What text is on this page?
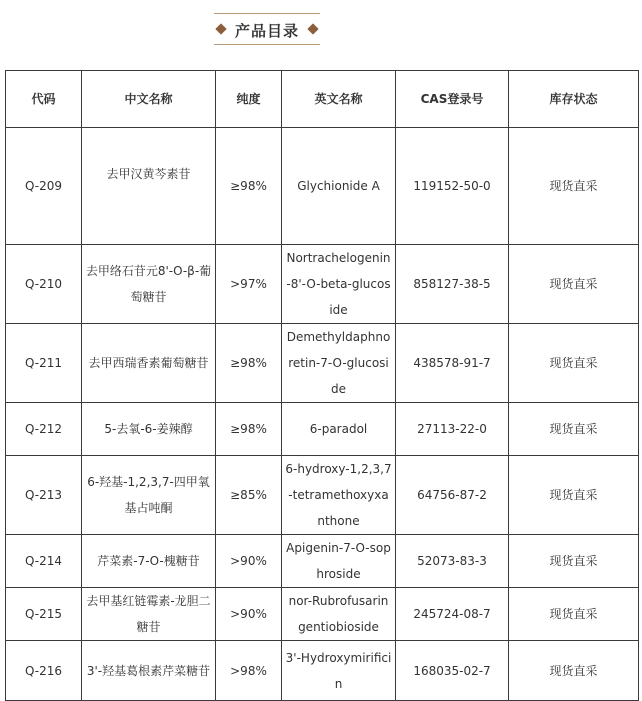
产品目录
代码	中文名称	纯度	英文名称	CAS登录号	库存状态
Q-209	去甲汉黄芩素苷	≥98%	Glychionide A	119152-50-0	现货直采
Q-210	去甲络石苷元8'-O-β-葡萄糖苷	>97%	Nortrachelogenin-8'-O-beta-glucoside	858127-38-5	现货直采
Q-211	去甲西瑞香素葡萄糖苷	≥98%	Demethyldaphnoretin-7-O-glucoside	438578-91-7	现货直采
Q-212	5-去氧-6-姜辣醇	≥98%	6-paradol	27113-22-0	现货直采
Q-213	6-羟基-1,2,3,7-四甲氧基占吨酮	≥85%	6-hydroxy-1,2,3,7-tetramethoxyxanthone	64756-87-2	现货直采
Q-214	芹菜素-7-O-槐糖苷	>90%	Apigenin-7-O-sophroside	52073-83-3	现货直采
Q-215	去甲基红链霉素-龙胆二糖苷	>90%	nor-Rubrofusarin gentiobioside	245724-08-7	现货直采
Q-216	3'-羟基葛根素芹菜糖苷	>98%	3'-Hydroxymirificin	168035-02-7	现货直采
